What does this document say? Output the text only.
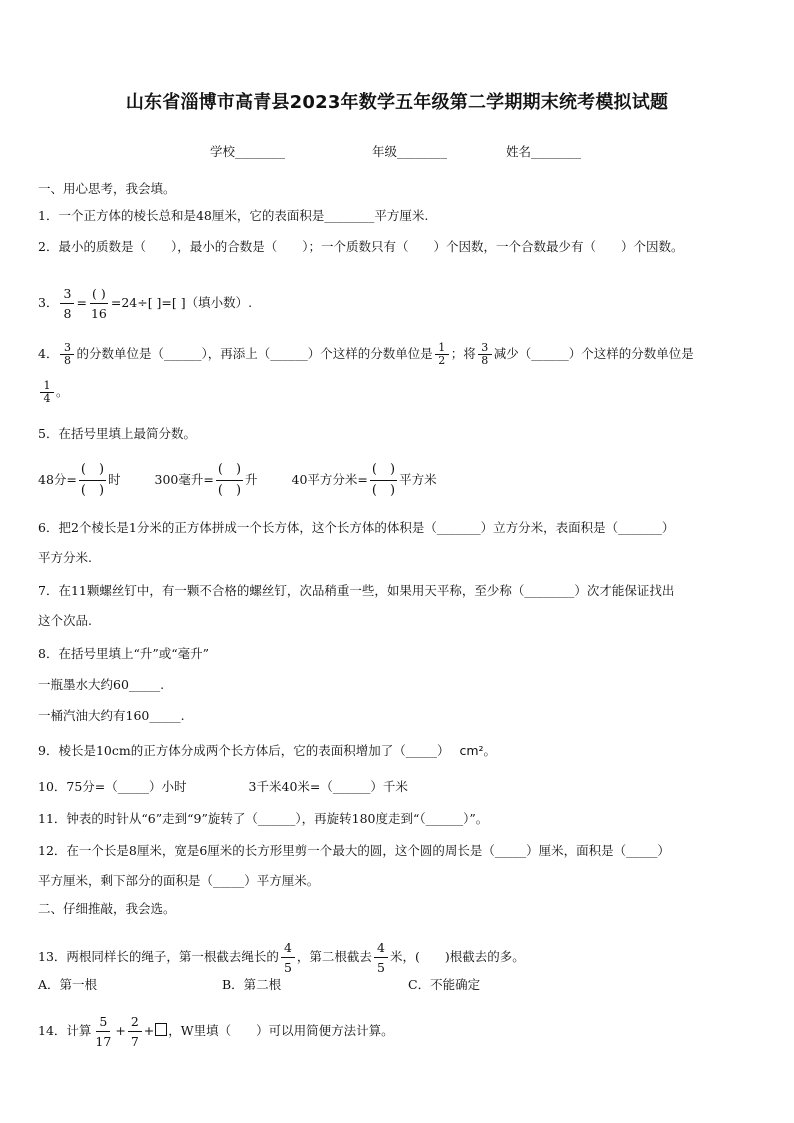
山东省淄博市高青县2023年数学五年级第二学期期末统考模拟试题
学校________	年级________	姓名________
一、用心思考，我会填。
1．一个正方体的棱长总和是48厘米，它的表面积是________平方厘米.
2．最小的质数是（　　），最小的合数是（　　）；一个质数只有（　　）个因数，一个合数最少有（　　）个因数。
3． $\frac{3}{8} = \frac{( )}{16} =24\div$[ ]=[ ]（填小数）.
4． $\frac{3}{8}$ 的分数单位是（______），再添上（______）个这样的分数单位是 $\frac{1}{2}$ ；将 $\frac{3}{8}$ 减少（______）个这样的分数单位是
$\frac{1}{4}$ 。
5．在括号里填上最简分数。
48分= $\frac{( )}{( )}$ 时	300毫升= $\frac{( )}{( )}$ 升	40平方分米= $\frac{( )}{( )}$ 平方米
6．把2个棱长是1分米的正方体拼成一个长方体，这个长方体的体积是（_______）立方分米，表面积是（_______）
平方分米.
7．在11颗螺丝钉中，有一颗不合格的螺丝钉，次品稍重一些，如果用天平称，至少称（________）次才能保证找出
这个次品.
8．在括号里填上“升”或“毫升”
一瓶墨水大约60_____.
一桶汽油大约有160_____.
9．棱长是10cm的正方体分成两个长方体后，它的表面积增加了（_____） cm²。
10．75分=（_____）小时	3千米40米=（______）千米
11．钟表的时针从“6”走到“9”旋转了（______），再旋转180度走到“（______）”。
12．在一个长是8厘米，宽是6厘米的长方形里剪一个最大的圆，这个圆的周长是（_____）厘米，面积是（_____）
平方厘米，剩下部分的面积是（_____）平方厘米。
二、仔细推敲，我会选。
13．两根同样长的绳子，第一根截去绳长的 $\frac{4}{5}$ ，第二根截去 $\frac{4}{5}$ 米，(　　)根截去的多。
A．第一根	B．第二根	C．不能确定
14．计算 $\frac{5}{17} + \frac{2}{7}$ + ，W里填（　　）可以用简便方法计算。
